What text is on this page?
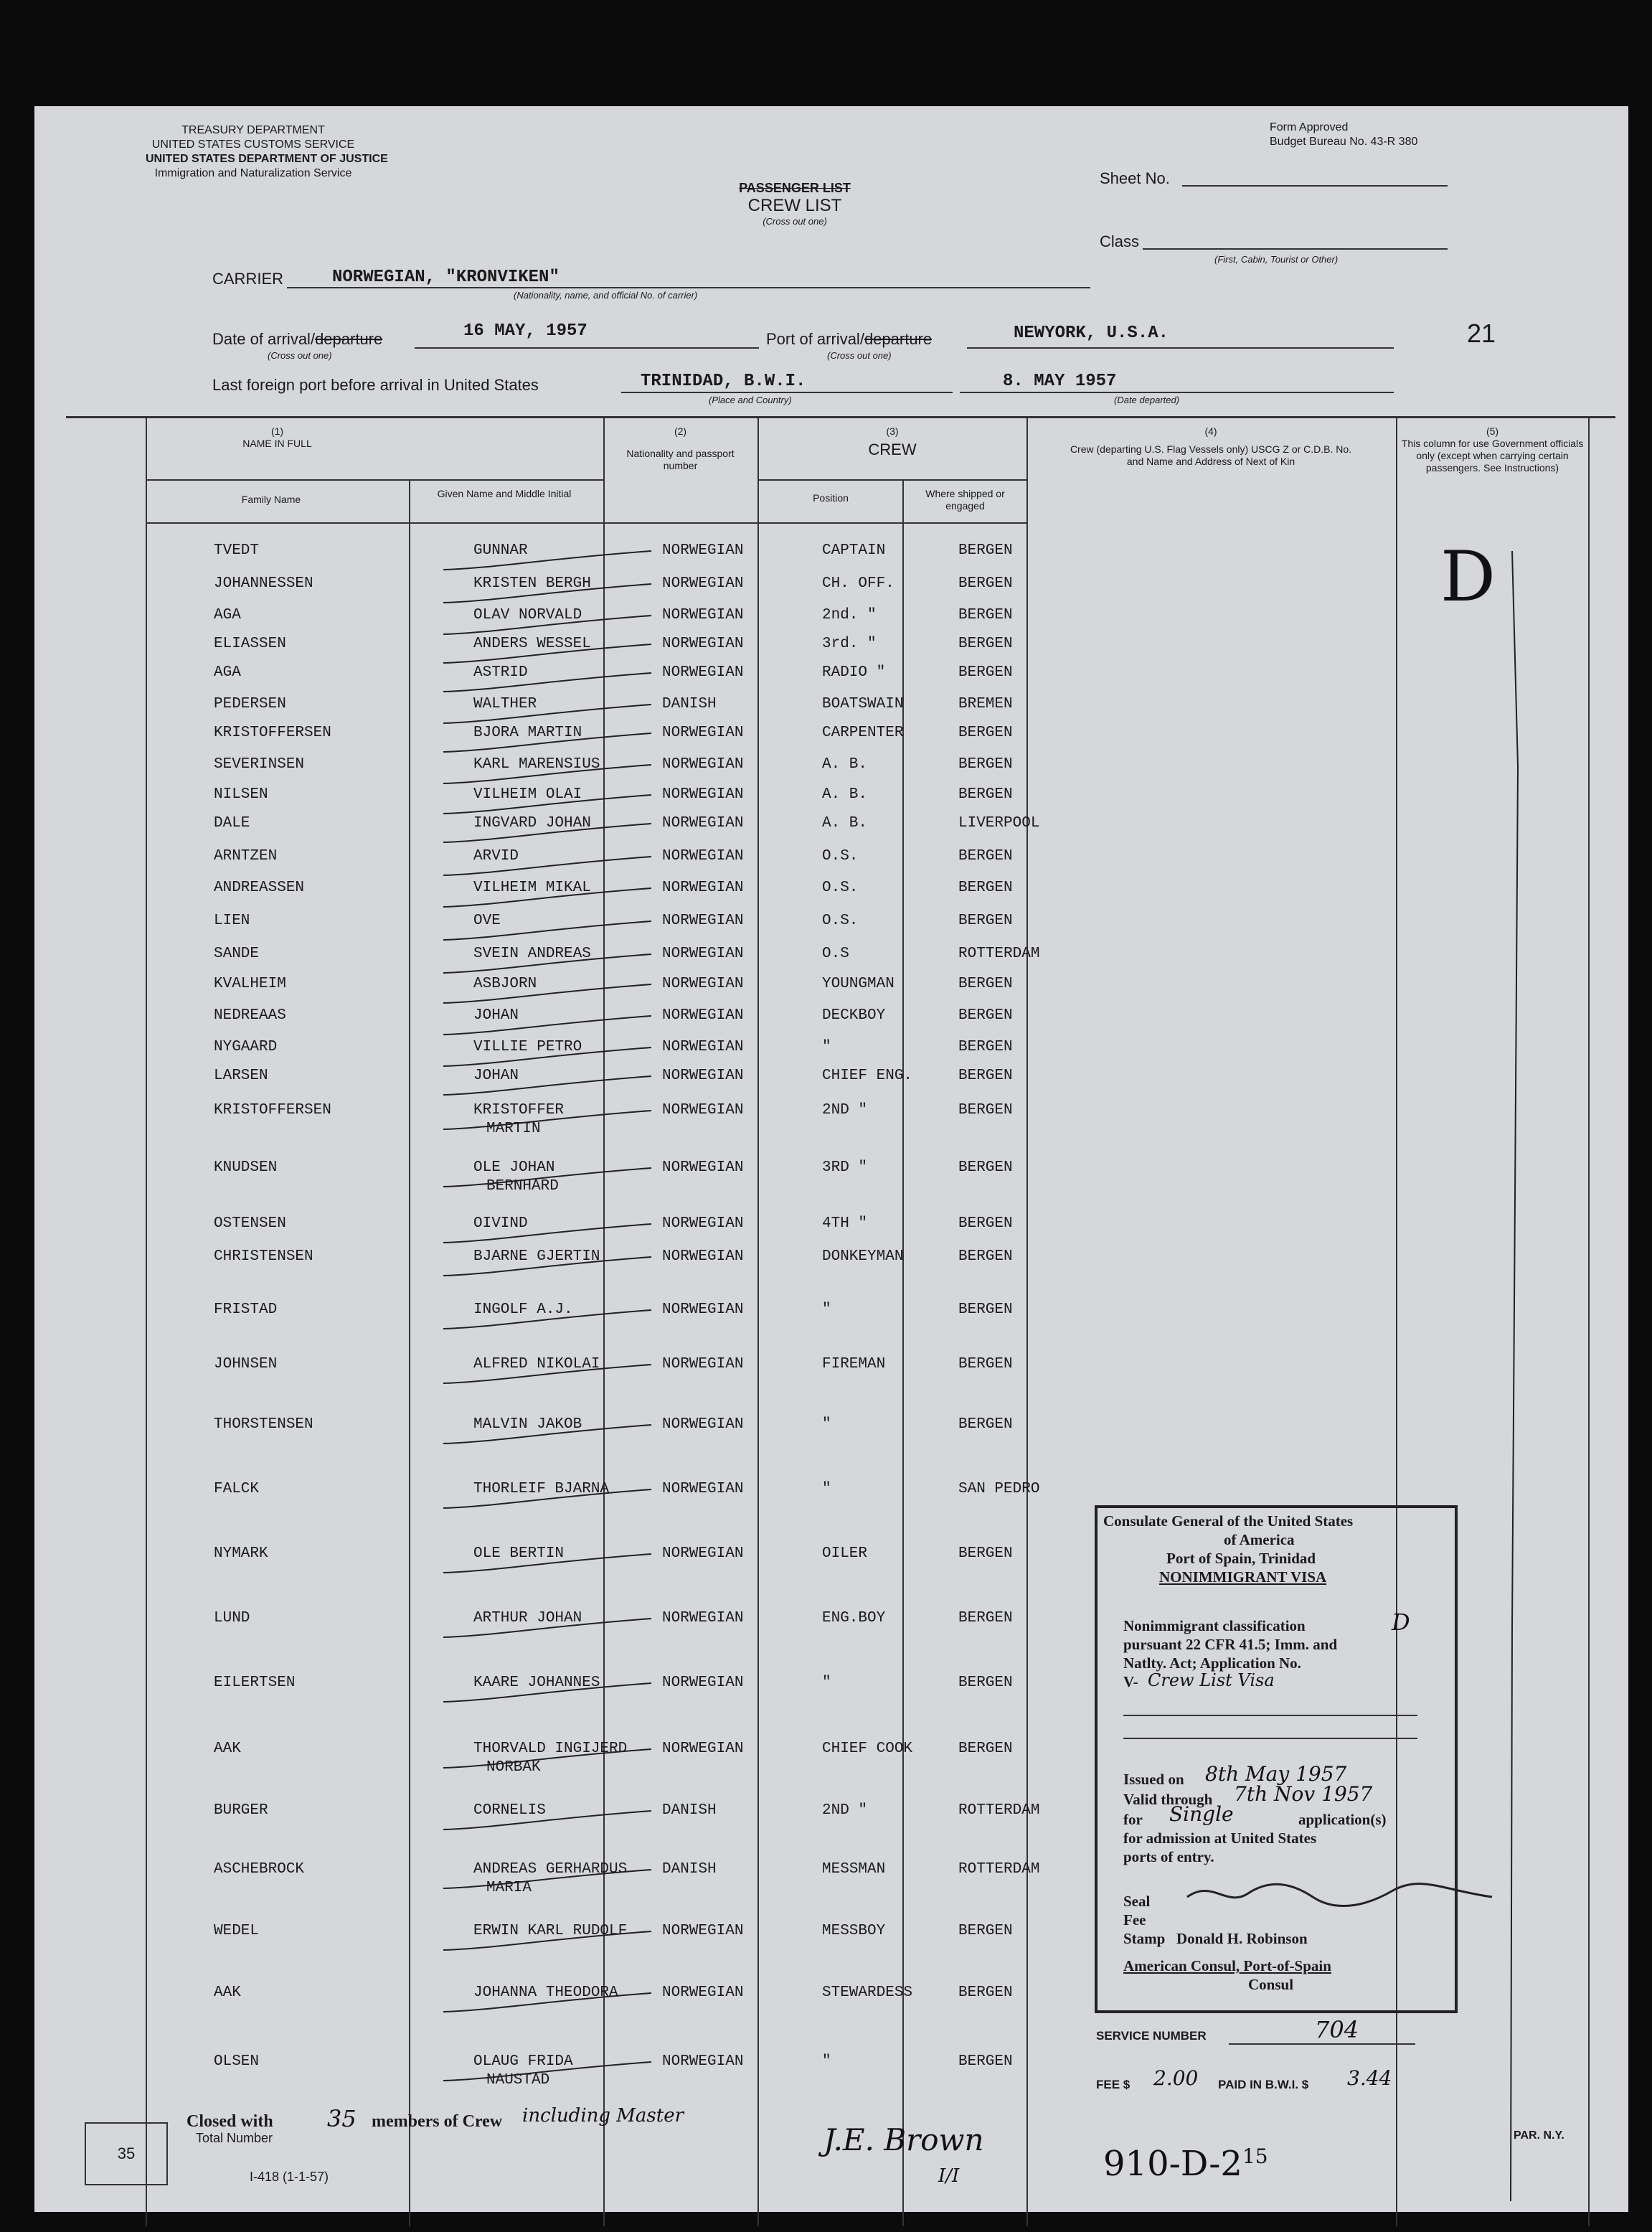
TREASURY DEPARTMENT
UNITED STATES CUSTOMS SERVICE
UNITED STATES DEPARTMENT OF JUSTICE
Immigration and Naturalization Service
Form Approved
Budget Bureau No. 43-R 380
PASSENGER LIST
CREW LIST
(Cross out one)
Sheet No.
Class
(First, Cabin, Tourist or Other)
CARRIER	NORWEGIAN, "KRONVIKEN"
(Nationality, name, and official No. of carrier)
Date of arrival/departure	16 MAY, 1957
(Cross out one)
Port of arrival/departure	NEWYORK, U.S.A.
(Cross out one)
21
Last foreign port before arrival in United States	TRINIDAD, B.W.I.
(Place and Country)
8. MAY 1957
(Date departed)
(1)
NAME IN FULL
Family Name	Given Name and Middle Initial
(2)
Nationality and passport number
(3)
CREW
Position	Where shipped or engaged
(4)
Crew (departing U.S. Flag Vessels only) USCG Z or C.D.B. No. and Name and Address of Next of Kin
(5)
This column for use Government officials only (except when carrying certain passengers. See Instructions)
TVEDT	GUNNAR	NORWEGIAN	CAPTAIN	BERGEN
JOHANNESSEN	KRISTEN BERGH	NORWEGIAN	CH. OFF.	BERGEN
AGA	OLAV NORVALD	NORWEGIAN	2nd. "	BERGEN
ELIASSEN	ANDERS WESSEL	NORWEGIAN	3rd. "	BERGEN
AGA	ASTRID	NORWEGIAN	RADIO "	BERGEN
PEDERSEN	WALTHER	DANISH	BOATSWAIN	BREMEN
KRISTOFFERSEN	BJORA MARTIN	NORWEGIAN	CARPENTER	BERGEN
SEVERINSEN	KARL MARENSIUS	NORWEGIAN	A. B.	BERGEN
NILSEN	VILHEIM OLAI	NORWEGIAN	A. B.	BERGEN
DALE	INGVARD JOHAN	NORWEGIAN	A. B.	LIVERPOOL
ARNTZEN	ARVID	NORWEGIAN	O.S.	BERGEN
ANDREASSEN	VILHEIM MIKAL	NORWEGIAN	O.S.	BERGEN
LIEN	OVE	NORWEGIAN	O.S.	BERGEN
SANDE	SVEIN ANDREAS	NORWEGIAN	O.S	ROTTERDAM
KVALHEIM	ASBJORN	NORWEGIAN	YOUNGMAN	BERGEN
NEDREAAS	JOHAN	NORWEGIAN	DECKBOY	BERGEN
NYGAARD	VILLIE PETRO	NORWEGIAN	"	BERGEN
LARSEN	JOHAN	NORWEGIAN	CHIEF ENG.	BERGEN
KRISTOFFERSEN	KRISTOFFER	NORWEGIAN	2ND "	BERGEN
MARTIN
KNUDSEN	OLE JOHAN	NORWEGIAN	3RD "	BERGEN
BERNHARD
OSTENSEN	OIVIND	NORWEGIAN	4TH "	BERGEN
CHRISTENSEN	BJARNE GJERTIN	NORWEGIAN	DONKEYMAN	BERGEN
FRISTAD	INGOLF A.J.	NORWEGIAN	"	BERGEN
JOHNSEN	ALFRED NIKOLAI	NORWEGIAN	FIREMAN	BERGEN
THORSTENSEN	MALVIN JAKOB	NORWEGIAN	"	BERGEN
FALCK	THORLEIF BJARNA	NORWEGIAN	"	SAN PEDRO
NYMARK	OLE BERTIN	NORWEGIAN	OILER	BERGEN
LUND	ARTHUR JOHAN	NORWEGIAN	ENG.BOY	BERGEN
EILERTSEN	KAARE JOHANNES	NORWEGIAN	"	BERGEN
AAK	THORVALD INGIJERD NORWEGIAN	CHIEF COOK	BERGEN
NORBAK
BURGER	CORNELIS	DANISH	2ND "	ROTTERDAM
ASCHEBROCK	ANDREAS GERHARDUS DANISH	MESSMAN	ROTTERDAM
MARIA
WEDEL	ERWIN KARL RUDOLF NORWEGIAN	MESSBOY	BERGEN
AAK	JOHANNA THEODORA	NORWEGIAN	STEWARDESS	BERGEN
OLSEN	OLAUG FRIDA	NORWEGIAN	"	BERGEN
NAUSTAD
Consulate General of the United States
of America
Port of Spain, Trinidad
NONIMMIGRANT VISA
Nonimmigrant classification	D
pursuant 22 CFR 41.5; Imm. and
Natlty. Act; Application No.
V- Crew List Visa
Issued on 8th May 1957
Valid through 7th Nov 1957
for Single	application(s)
for admission at United States
ports of entry.
Seal
Fee
Stamp Donald H. Robinson
American Consul, Port-of-Spain
Consul
SERVICE NUMBER	704
FEE $ 2.00 PAID IN B.W.I. $ 3.44
D
35
Closed with 35 members of Crew including Master
Total Number
I-418 (1-1-57)
J.E. Brown
I/I	$910-D-2^{15}$
PAR. N.Y.
